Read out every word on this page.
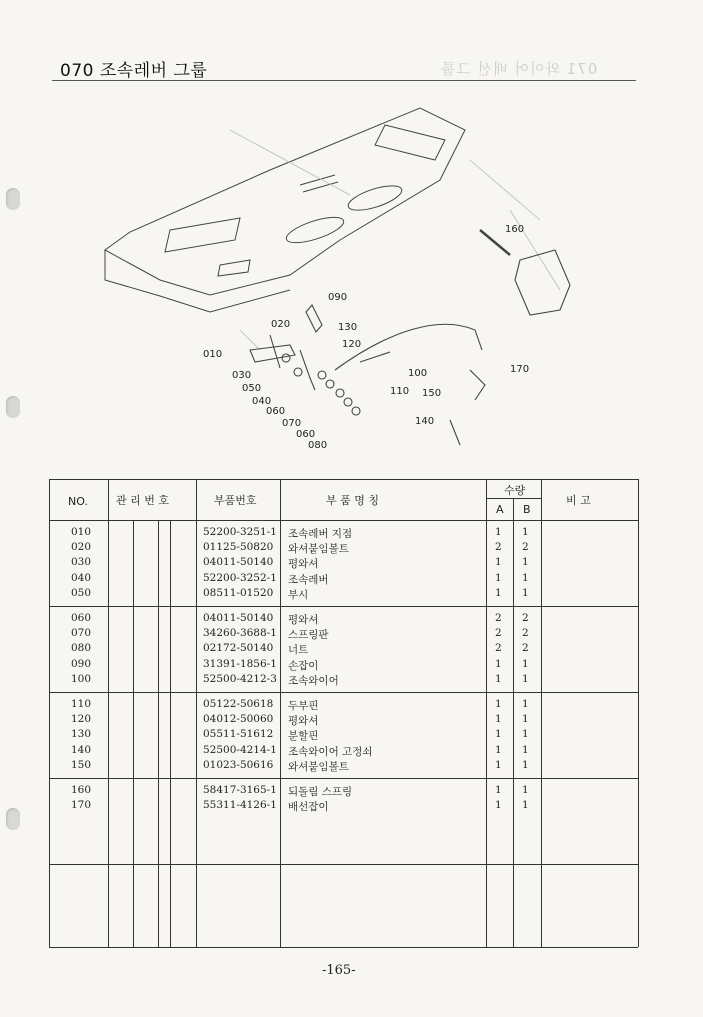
070 조속레버 그룹	071 와이어 배선 그룹
010
020
030
050
040
060
070
060
080
090
130
120
100
110 150
140
160
170
NO.	관 리 번 호	부품번호	부 품 명 칭
수량
A B
비 고
010	52200-3251-1 조속레버 지점	1 1
020	01125-50820 와셔붙임볼트	2 2
030	04011-50140 평와셔	1 1
040	52200-3252-1 조속레버	1 1
050	08511-01520 부시	1 1
060	04011-50140 평와셔	2 2
070	34260-3688-1 스프링판	2 2
080	02172-50140 너트	2 2
090	31391-1856-1 손잡이	1 1
100	52500-4212-3 조속와이어	1 1
110	05122-50618 두부핀	1 1
120	04012-50060 평와셔	1 1
130	05511-51612 분할핀	1 1
140	52500-4214-1 조속와이어 고정쇠	1 1
150	01023-50616 와셔붙임볼트	1 1
160	58417-3165-1 되돌림 스프링	1 1
170	55311-4126-1 배선잡이	1 1
-165-
